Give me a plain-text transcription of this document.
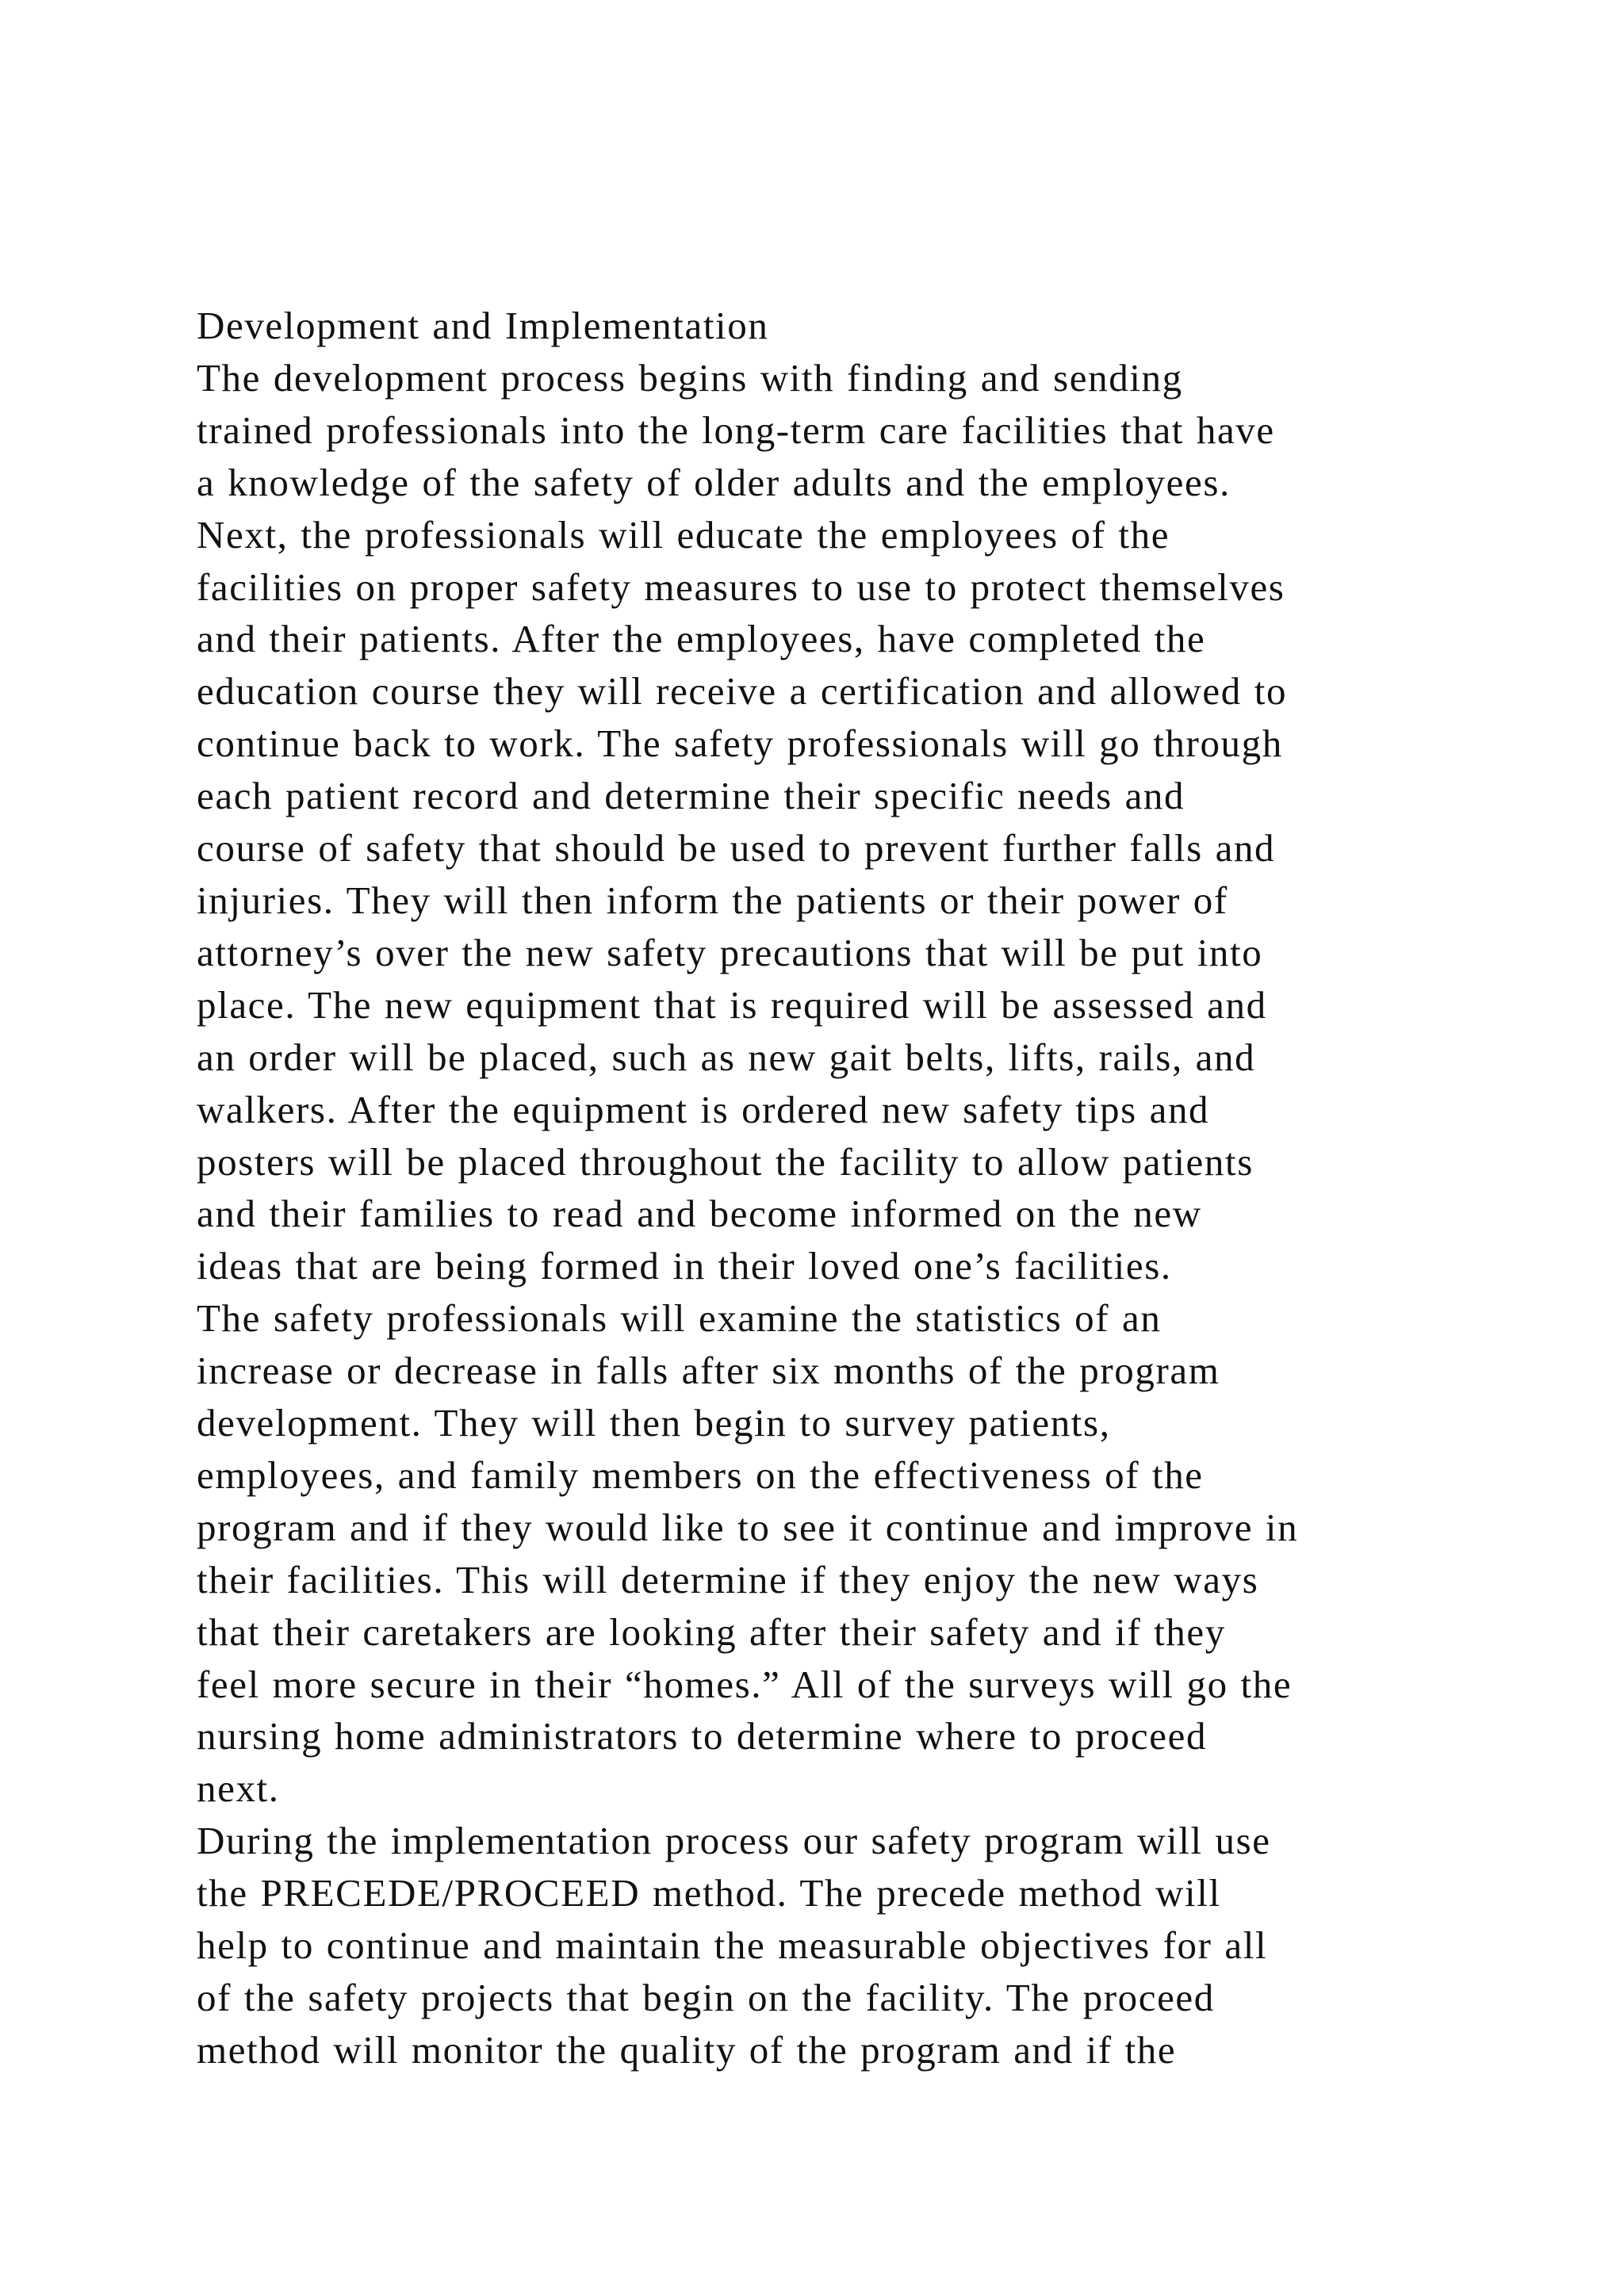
Development and Implementation
The development process begins with finding and sending
trained professionals into the long-term care facilities that have
a knowledge of the safety of older adults and the employees.
Next, the professionals will educate the employees of the
facilities on proper safety measures to use to protect themselves
and their patients. After the employees, have completed the
education course they will receive a certification and allowed to
continue back to work. The safety professionals will go through
each patient record and determine their specific needs and
course of safety that should be used to prevent further falls and
injuries. They will then inform the patients or their power of
attorney’s over the new safety precautions that will be put into
place. The new equipment that is required will be assessed and
an order will be placed, such as new gait belts, lifts, rails, and
walkers. After the equipment is ordered new safety tips and
posters will be placed throughout the facility to allow patients
and their families to read and become informed on the new
ideas that are being formed in their loved one’s facilities.
The safety professionals will examine the statistics of an
increase or decrease in falls after six months of the program
development. They will then begin to survey patients,
employees, and family members on the effectiveness of the
program and if they would like to see it continue and improve in
their facilities. This will determine if they enjoy the new ways
that their caretakers are looking after their safety and if they
feel more secure in their “homes.” All of the surveys will go the
nursing home administrators to determine where to proceed
next.
During the implementation process our safety program will use
the PRECEDE/PROCEED method. The precede method will
help to continue and maintain the measurable objectives for all
of the safety projects that begin on the facility. The proceed
method will monitor the quality of the program and if the
